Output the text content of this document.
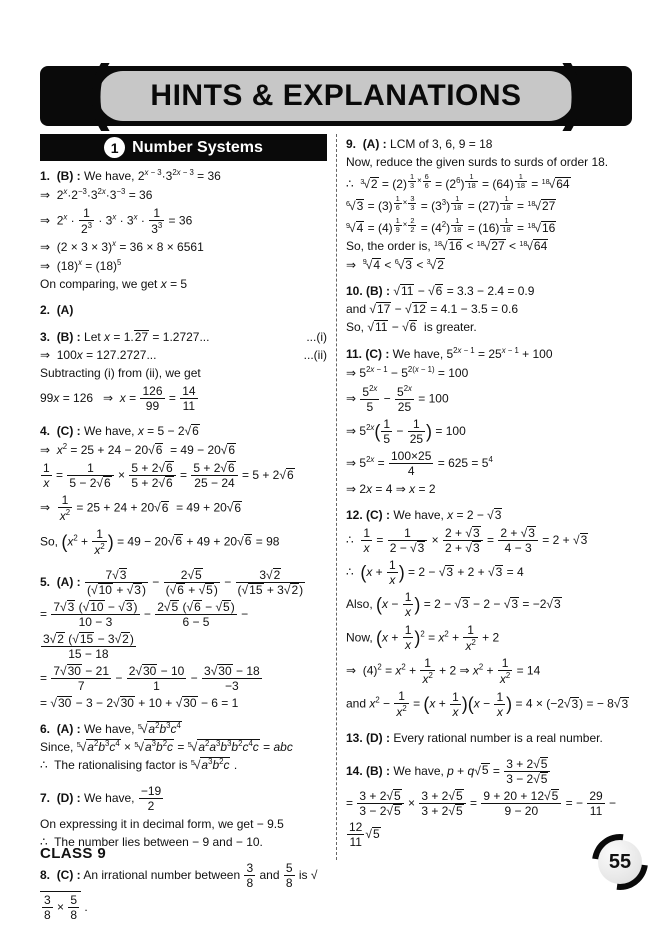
( HINTS & EXPLANATIONS )
1 Number Systems
1. (B) : We have, $2^{x - 3}\cdot 3^{2x - 3} = 36$
⇒  $2^x\cdot 2^{-3}\cdot 3^{2x}\cdot 3^{-3} = 36$
⇒  $2^x \cdot \frac{1}{2^3} \cdot 3^x \cdot 3^x \cdot \frac{1}{3^3} = 36$
⇒  $(2 \times 3 \times 3)^x = 36 \times 8 \times 6561$
⇒  $(18)^x = (18)^5$
On comparing, we get x = 5
2. (A)
3. (B) : Let x = 1.27 = 1.2727...	...(i)
⇒  100x = 127.2727...	...(ii)
Subtracting (i) from (ii), we get
99x = 126   ⇒  $x = \frac{126}{99} = \frac{14}{11}$
4. (C) : We have, x = 5 − 2√6
⇒  $x^2 = 25 + 24 - 20√6 = 49 - 20√6$
$\frac{1}{x} = \frac{1}{5 - 2√6} \times \frac{5 + 2√6}{5 + 2√6} = \frac{5 + 2√6}{25 - 24} = 5 + 2√6$
⇒ $\frac{1}{x^2} = 25 + 24 + 20√6 = 49 + 20√6$
So, ($x^2 + \frac{1}{x^2}$ ) = 49 − 20√6 + 49 + 20√6 = 98
5. (A) : $\frac{7√3}{(√10 + √3)} - \frac{2√5}{(√6 + √5)} - \frac{3√2}{(√15 + 3√2)}$
= $\frac{7√3 (√10 - √3)}{10 - 3} - \frac{2√5 (√6 - √5)}{6 - 5}$ −
$\frac{3√2 (√15 - 3√2)}{15 - 18}$
= $\frac{7√30 - 21}{7} - \frac{2√30 - 10}{1} - \frac{3√30 - 18}{-3}$
= √30 − 3 − 2√30 + 10 + √30 − 6 = 1
6. (A) : We have, $^5√a^2b^3c^4$
Since, $^5√a^2b^3c^4 \times ^5√a^3b^2c = ^5√a^2a^3b^3b^2c^4c$ = abc
∴  The rationalising factor is $^5√a^3b^2c$ .
7. (D) : We have, $\frac{-19}{2}$
On expressing it in decimal form, we get − 9.5
∴  The number lies between − 9 and − 10.
8. (C) : An irrational number between $\frac{3}{8}$ and $\frac{5}{8}$ is √
$\frac{3}{8} \times \frac{5}{8}$ .
9. (A) : LCM of 3, 6, 9 = 18
Now, reduce the given surds to surds of order 18.
∴  $^3$√2 = (2) $^{\frac{1}{3} \times \frac{6}{6}} = (2^6) ^{\frac{1}{18}} = (64) ^{\frac{1}{18}} = ^{18}√64$
$^6$√3 = (3) $^{\frac{1}{6} \times \frac{3}{3}} = (3^3) ^{\frac{1}{18}} = (27) ^{\frac{1}{18}} = ^{18}√27$
$^9$√4 = (4) $^{\frac{1}{9} \times \frac{2}{2}} = (4^2) ^{\frac{1}{18}} = (16) ^{\frac{1}{18}} = ^{18}√16$
So, the order is, $^{18}$√16 < $^{18}$√27 < $^{18}$√64
⇒  $^9$√4 < $^6$√3 < $^3$√2
10. (B) : √11 − √6 = 3.3 − 2.4 = 0.9
and √17 − √12 = 4.1 − 3.5 = 0.6
So, √11 − √6  is greater.
11. (C) : We have, $5^{2x - 1} = 25^{x - 1} + 100$
⇒ $5^{2x - 1} - 5^{2(x - 1)} = 100$
⇒ $\frac{5^{2x}}{5} - \frac{5^{2x}}{25} = 100$
⇒ $5^{2x}( \frac{1}{5} - \frac{1}{25}$ ) = 100
⇒ $5^{2x} = \frac{100\times 25}{4} = 625 = 5^4$
⇒ 2x = 4 ⇒ x = 2
12. (C) : We have, x = 2 − √3
∴ $\frac{1}{x} = \frac{1}{2 - √3} \times \frac{2 + √3}{2 + √3} = \frac{2 + √3}{4 - 3} = 2 + √3$
∴  ($x + \frac{1}{x}$ ) = 2 − √3 + 2 + √3 = 4
Also, ($x - \frac{1}{x}$ ) = 2 − √3 − 2 − √3 = −2√3
Now, $(x + \frac{1}{x} )^2 = x^2 + \frac{1}{x^2} + 2$
⇒  $(4)^2 = x^2 + \frac{1}{x^2} + 2$ ⇒ $x^2 + \frac{1}{x^2} = 14$
and $x^2 - \frac{1}{x^2} = (x + \frac{1}{x} )(x - \frac{1}{x}$ ) = 4 × (−2√3) = − 8√3
13. (D) : Every rational number is a real number.
14. (B) : We have, $p + q√5 = \frac{3 + 2√5}{3 - 2√5}$
= $\frac{3 + 2√5}{3 - 2√5} \times \frac{3 + 2√5}{3 + 2√5} = \frac{9 + 20 + 12√5}{9 - 20}$ = − $\frac{29}{11}$ −
$\frac{12}{11} √5$
CLASS 9	55
